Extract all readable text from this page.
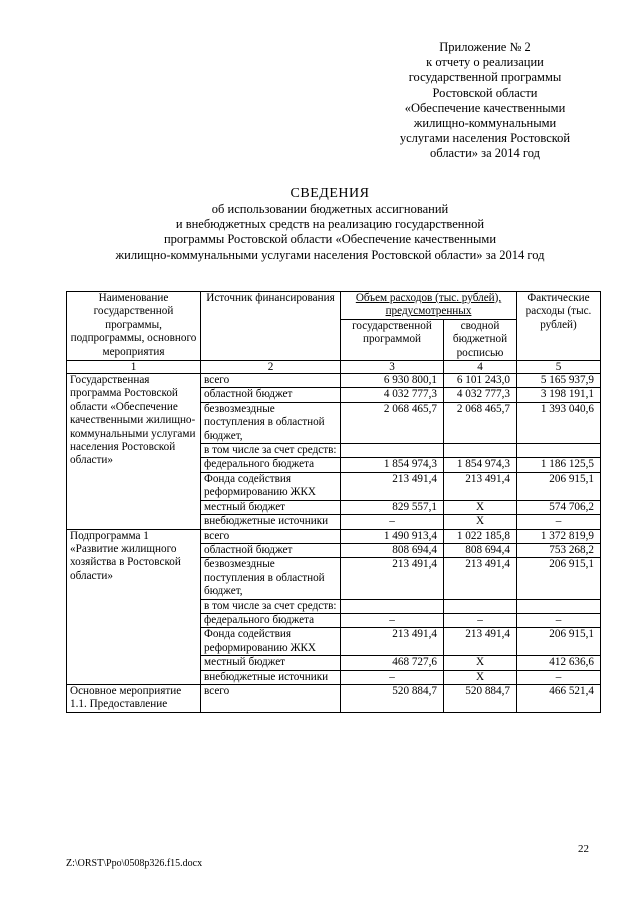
Приложение № 2
к отчету о реализации
государственной программы
Ростовской области
«Обеспечение качественными
жилищно-коммунальными
услугами населения Ростовской
области» за 2014 год
СВЕДЕНИЯ
об использовании бюджетных ассигнований
и внебюджетных средств на реализацию государственной
программы Ростовской области «Обеспечение качественными
жилищно-коммунальными услугами населения Ростовской области» за 2014 год
Наименование государственной программы, подпрограммы, основного мероприятия	Источник финансирования	Объем расходов (тыс. рублей), предусмотренных		Фактические расходы (тыс. рублей)
		государственной программой	сводной бюджетной росписью	
1	2	3	4	5
Государственная программа Ростовской области «Обеспечение качественными жилищно-коммунальными услугами населения Ростовской области»	всего	6 930 800,1	6 101 243,0	5 165 937,9
	областной бюджет	4 032 777,3	4 032 777,3	3 198 191,1
	безвозмездные поступления в областной бюджет,	2 068 465,7	2 068 465,7	1 393 040,6
	в том числе за счет средств:			
	федерального бюджета	1 854 974,3	1 854 974,3	1 186 125,5
	Фонда содействия реформированию ЖКХ	213 491,4	213 491,4	206 915,1
	местный бюджет	829 557,1	X	574 706,2
	внебюджетные источники	–	X	–
Подпрограмма 1 «Развитие жилищного хозяйства в Ростовской области»	всего	1 490 913,4	1 022 185,8	1 372 819,9
	областной бюджет	808 694,4	808 694,4	753 268,2
	безвозмездные поступления в областной бюджет,	213 491,4	213 491,4	206 915,1
	в том числе за счет средств:			
	федерального бюджета	–	–	–
	Фонда содействия реформированию ЖКХ	213 491,4	213 491,4	206 915,1
	местный бюджет	468 727,6	X	412 636,6
	внебюджетные источники	–	X	–
Основное мероприятие 1.1. Предоставление	всего	520 884,7	520 884,7	466 521,4
22
Z:\ORST\Ppo\0508p326.f15.docx
